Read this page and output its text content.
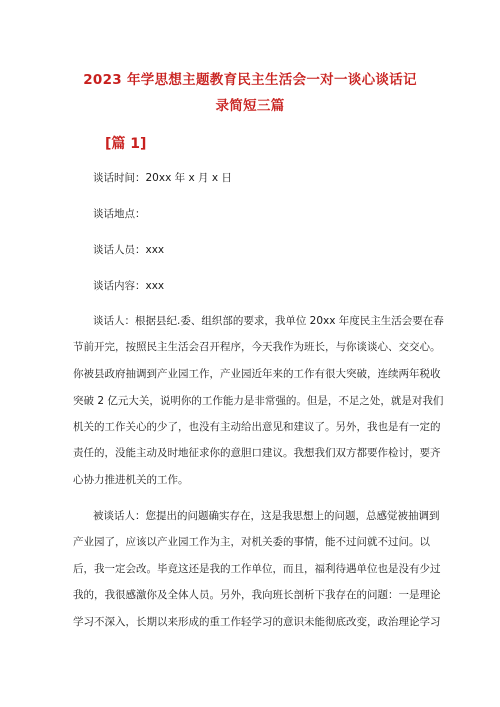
2023 年学思想主题教育民主生活会一对一谈心谈话记
录简短三篇
[篇 1]
谈话时间：20xx 年 x 月 x 日
谈话地点：
谈话人员：xxx
谈话内容：xxx
谈话人：根据县纪.委、组织部的要求，我单位 20xx 年度民主生活会要在春
节前开完，按照民主生活会召开程序，今天我作为班长，与你谈谈心、交交心。
你被县政府抽调到产业园工作，产业园近年来的工作有很大突破，连续两年税收
突破 2 亿元大关，说明你的工作能力是非常强的。但是，不足之处，就是对我们
机关的工作关心的少了，也没有主动给出意见和建议了。另外，我也是有一定的
责任的，没能主动及时地征求你的意胆口建议。我想我们双方都要作检讨，要齐
心协力推进机关的工作。
被谈话人：您提出的问题确实存在，这是我思想上的问题，总感觉被抽调到
产业园了，应该以产业园工作为主，对机关委的事情，能不过问就不过问。以
后，我一定会改。毕竟这还是我的工作单位，而且，福利待遇单位也是没有少过
我的，我很感激你及全体人员。另外，我向班长剖析下我存在的问题：一是理论
学习不深入，长期以来形成的重工作轻学习的意识未能彻底改变，政治理论学习
